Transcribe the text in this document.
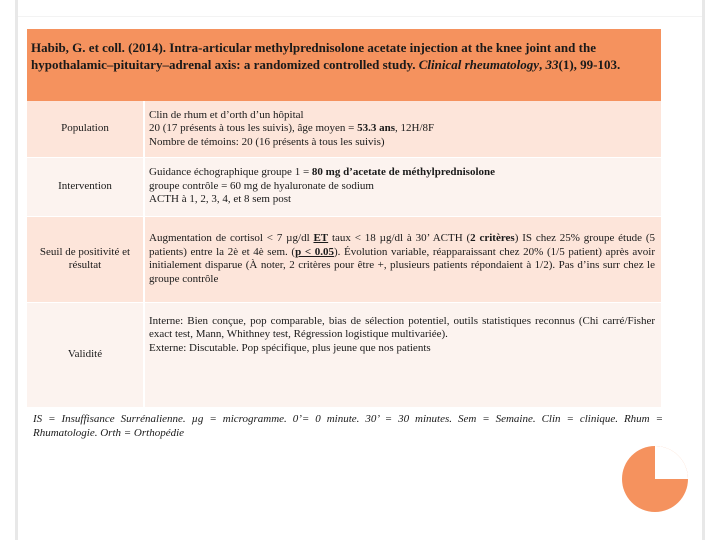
Habib, G. et coll. (2014). Intra-articular methylprednisolone acetate injection at the knee joint and the hypothalamic–pituitary–adrenal axis: a randomized controlled study. Clinical rheumatology, 33(1), 99-103.
Population	Clin de rhum et d’orth d’un hôpital
20 (17 présents à tous les suivis), âge moyen = 53.3 ans, 12H/8F
Nombre de témoins: 20 (16 présents à tous les suivis)

Intervention	Guidance échographique groupe 1 = 80 mg d’acetate de méthylprednisolone
groupe contrôle = 60 mg de hyaluronate de sodium
ACTH à 1, 2, 3, 4, et 8 sem post

Seuil de positivité et résultat	Augmentation de cortisol < 7 µg/dl ET taux < 18 µg/dl à 30’ ACTH (2 critères) IS chez 25% groupe étude (5 patients) entre la 2è et 4è sem. (p < 0.05). Évolution variable, réapparaissant chez 20% (1/5 patient) après avoir initialement disparue (À noter, 2 critères pour être +, plusieurs patients répondaient à 1/2). Pas d’ins surr chez le groupe contrôle
Validité	Interne: Bien conçue, pop comparable, bias de sélection potentiel, outils statistiques reconnus (Chi carré/Fisher exact test, Mann, Whithney test, Régression logistique multivariée).
Externe: Discutable. Pop spécifique, plus jeune que nos patients
IS = Insuffisance Surrénalienne. µg = microgramme. 0’= 0 minute. 30’ = 30 minutes. Sem = Semaine. Clin = clinique. Rhum = Rhumatologie. Orth = Orthopédie
